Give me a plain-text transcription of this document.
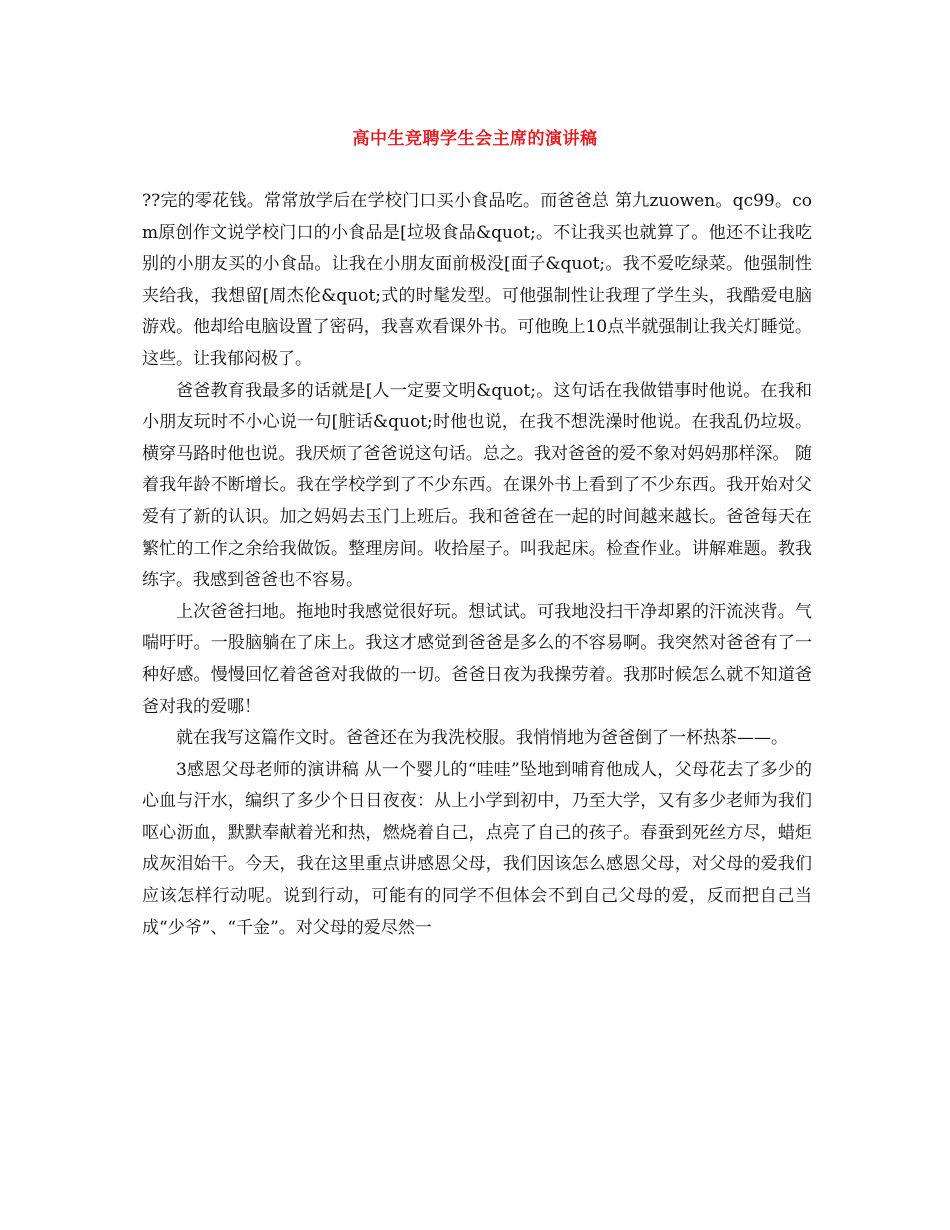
高中生竞聘学生会主席的演讲稿

??完的零花钱。常常放学后在学校门口买小食品吃。而爸爸总 第九zuowen。qc99。com原创作文说学校门口的小食品是[垃圾食品&quot;。不让我买也就算了。他还不让我吃别的小朋友买的小食品。让我在小朋友面前极没[面子&quot;。我不爱吃绿菜。他强制性夹给我，我想留[周杰伦&quot;式的时髦发型。可他强制性让我理了学生头，我酷爱电脑游戏。他却给电脑设置了密码，我喜欢看课外书。可他晚上10点半就强制让我关灯睡觉。这些。让我郁闷极了。

爸爸教育我最多的话就是[人一定要文明&quot;。这句话在我做错事时他说。在我和小朋友玩时不小心说一句[脏话&quot;时他也说，在我不想洗澡时他说。在我乱仍垃圾。横穿马路时他也说。我厌烦了爸爸说这句话。总之。我对爸爸的爱不象对妈妈那样深。 随着我年龄不断增长。我在学校学到了不少东西。在课外书上看到了不少东西。我开始对父爱有了新的认识。加之妈妈去玉门上班后。我和爸爸在一起的时间越来越长。爸爸每天在繁忙的工作之余给我做饭。整理房间。收拾屋子。叫我起床。检查作业。讲解难题。教我练字。我感到爸爸也不容易。

上次爸爸扫地。拖地时我感觉很好玩。想试试。可我地没扫干净却累的汗流浃背。气喘吁吁。一股脑躺在了床上。我这才感觉到爸爸是多么的不容易啊。我突然对爸爸有了一种好感。慢慢回忆着爸爸对我做的一切。爸爸日夜为我操劳着。我那时候怎么就不知道爸爸对我的爱哪！

就在我写这篇作文时。爸爸还在为我洗校服。我悄悄地为爸爸倒了一杯热茶——。

3感恩父母老师的演讲稿 从一个婴儿的“哇哇”坠地到哺育他成人，父母花去了多少的心血与汗水，编织了多少个日日夜夜：从上小学到初中，乃至大学，又有多少老师为我们呕心沥血，默默奉献着光和热，燃烧着自己，点亮了自己的孩子。春蚕到死丝方尽，蜡炬成灰泪始干。今天，我在这里重点讲感恩父母，我们因该怎么感恩父母，对父母的爱我们应该怎样行动呢。说到行动，可能有的同学不但体会不到自己父母的爱，反而把自己当成“少爷”、“千金”。对父母的爱尽然一
